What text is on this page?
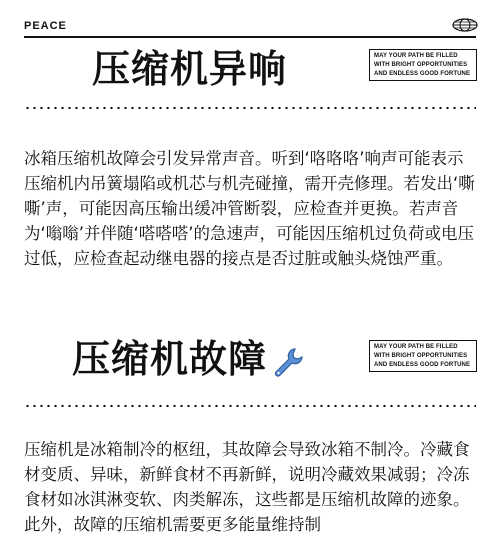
PEACE
压缩机异响	MAY YOUR PATH BE FILLED
WITH BRIGHT OPPORTUNITIES
AND ENDLESS GOOD FORTUNE
冰箱压缩机故障会引发异常声音。听到‘咯咯咯’响声可能表示压缩机内吊簧塌陷或机芯与机壳碰撞，需开壳修理。若发出‘嘶嘶’声，可能因高压输出缓冲管断裂，应检查并更换。若声音为‘嗡嗡’并伴随‘嗒嗒嗒’的急速声，可能因压缩机过负荷或电压过低，应检查起动继电器的接点是否过脏或触头烧蚀严重。
压缩机故障	MAY YOUR PATH BE FILLED
WITH BRIGHT OPPORTUNITIES
AND ENDLESS GOOD FORTUNE
压缩机是冰箱制冷的枢纽，其故障会导致冰箱不制冷。冷藏食材变质、异味，新鲜食材不再新鲜，说明冷藏效果减弱；冷冻食材如冰淇淋变软、肉类解冻，这些都是压缩机故障的迹象。此外，故障的压缩机需要更多能量维持制
